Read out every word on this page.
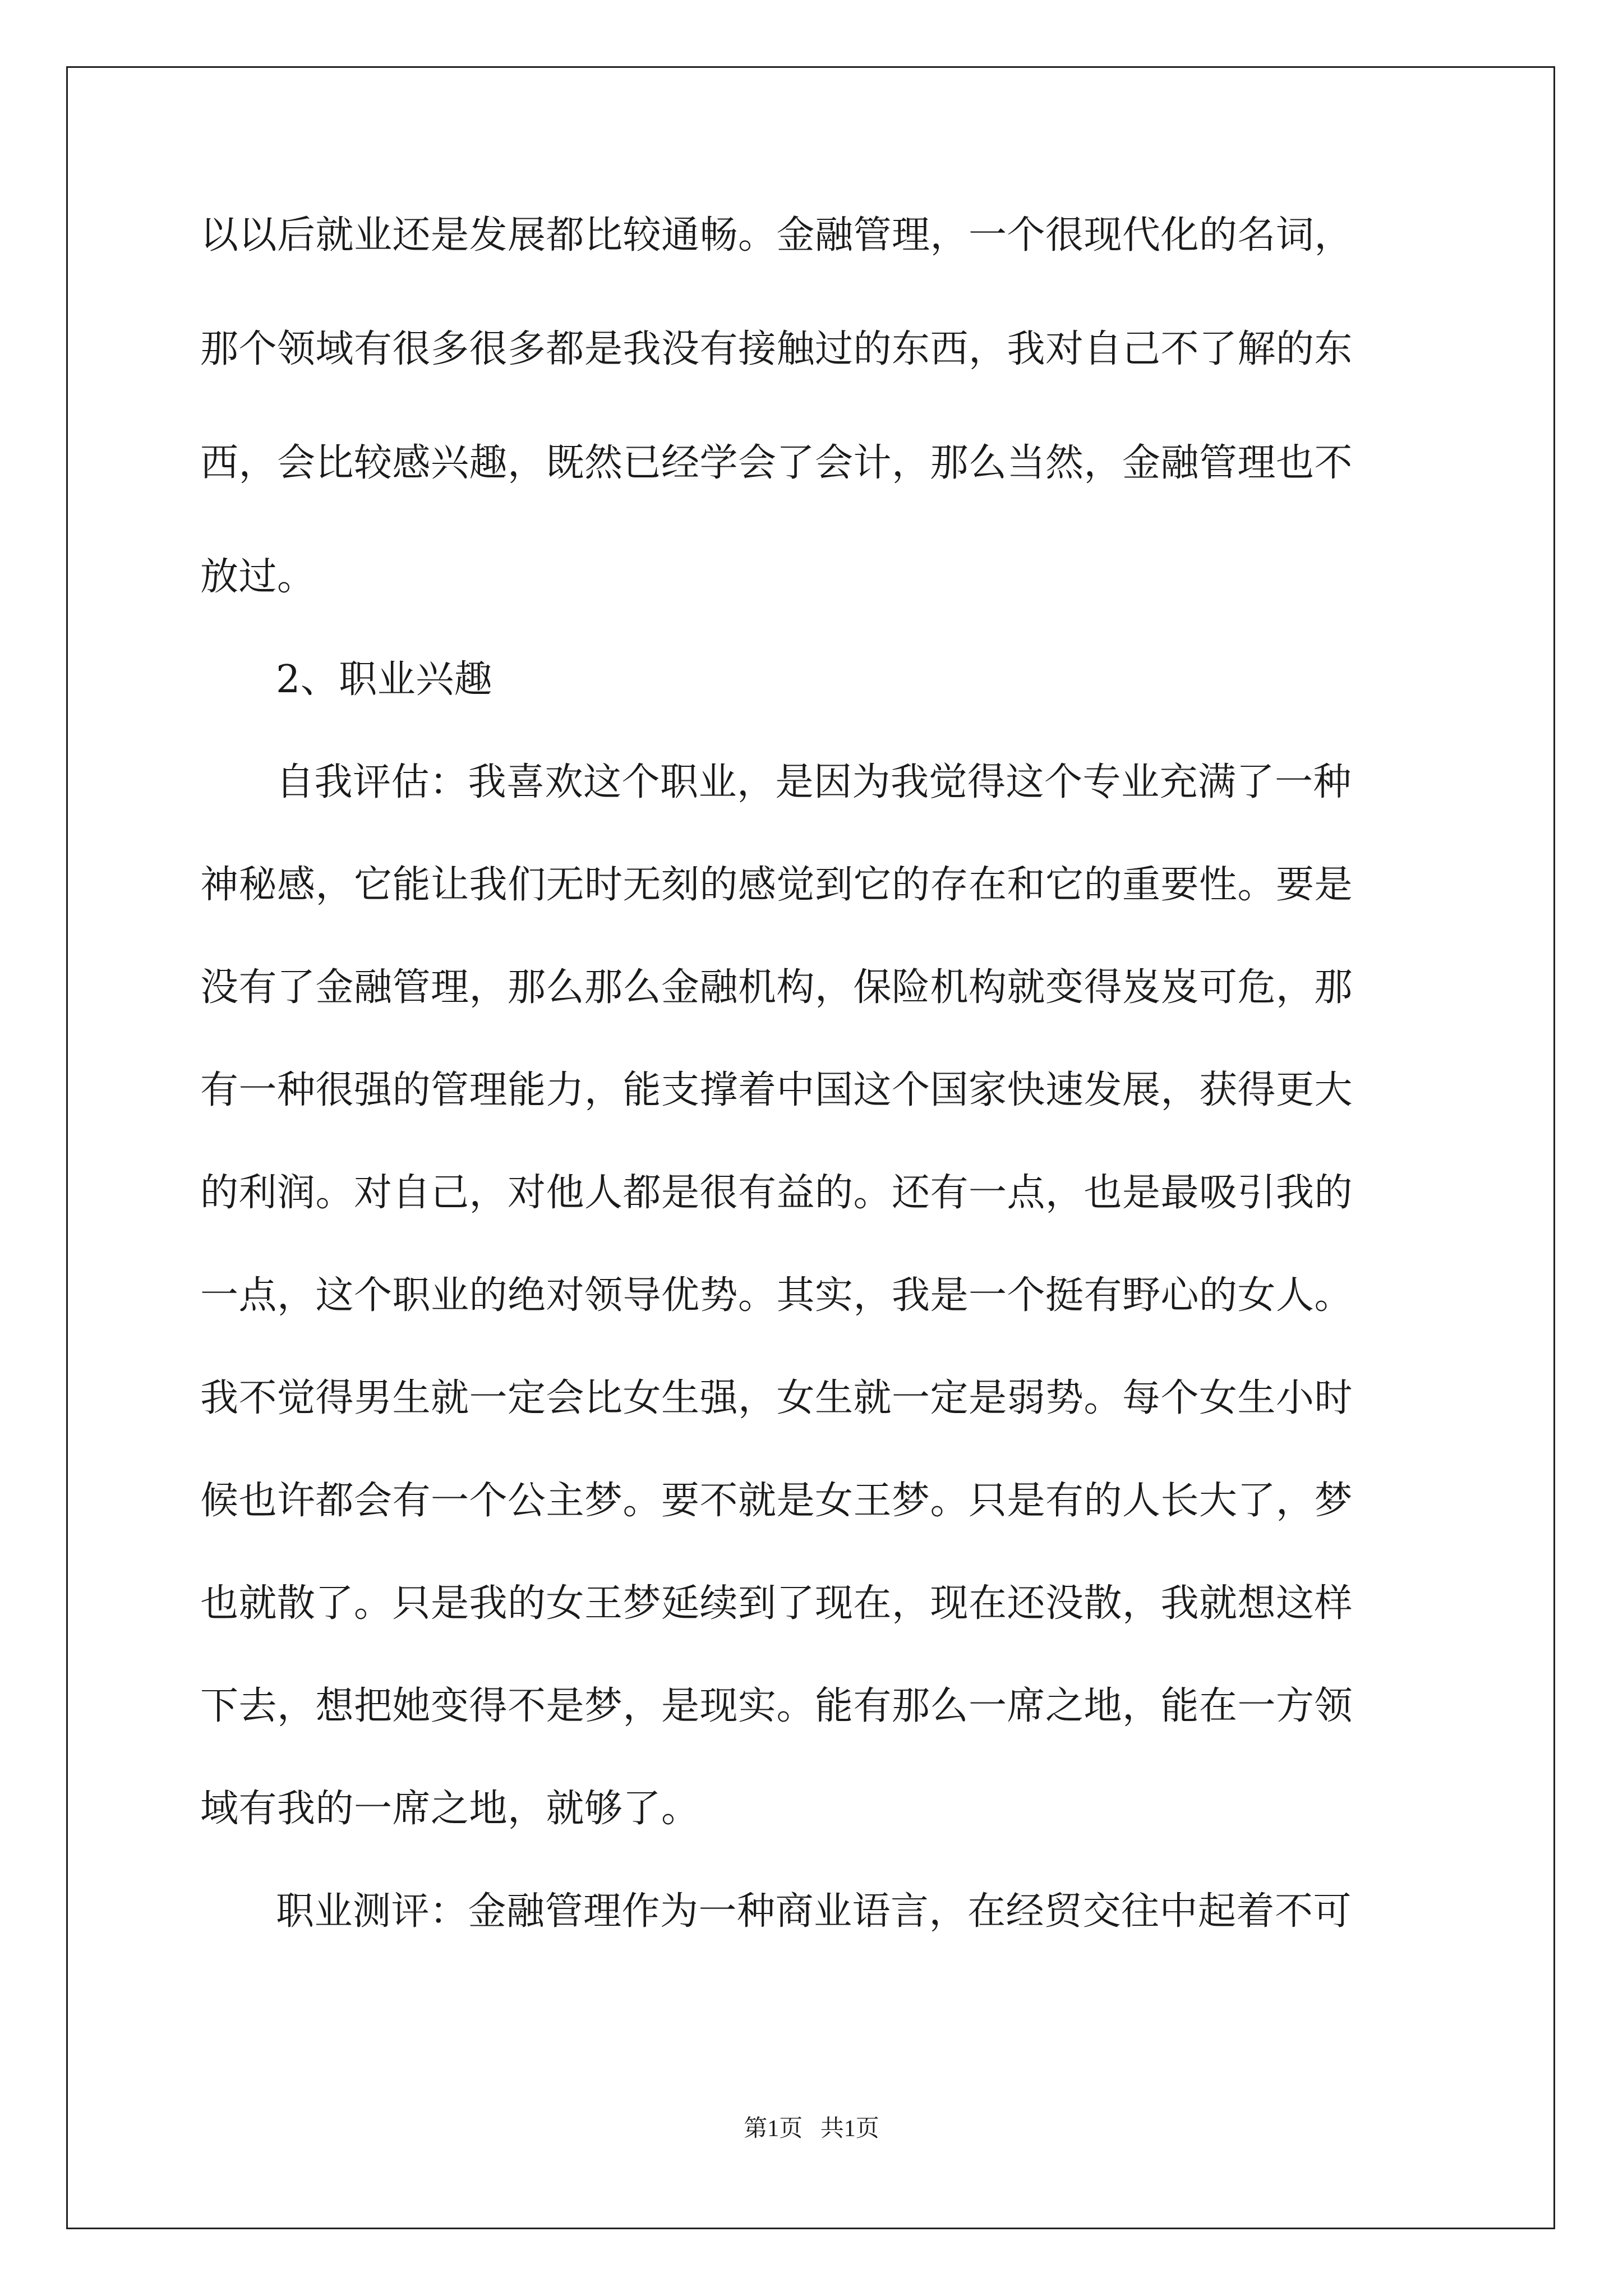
以以后就业还是发展都比较通畅。金融管理，一个很现代化的名词，
那个领域有很多很多都是我没有接触过的东西，我对自己不了解的东
西，会比较感兴趣，既然已经学会了会计，那么当然，金融管理也不
放过。
2、职业兴趣
自我评估：我喜欢这个职业，是因为我觉得这个专业充满了一种
神秘感，它能让我们无时无刻的感觉到它的存在和它的重要性。要是
没有了金融管理，那么那么金融机构，保险机构就变得岌岌可危，那
有一种很强的管理能力，能支撑着中国这个国家快速发展，获得更大
的利润。对自己，对他人都是很有益的。还有一点，也是最吸引我的
一点，这个职业的绝对领导优势。其实，我是一个挺有野心的女人。
我不觉得男生就一定会比女生强，女生就一定是弱势。每个女生小时
候也许都会有一个公主梦。要不就是女王梦。只是有的人长大了，梦
也就散了。只是我的女王梦延续到了现在，现在还没散，我就想这样
下去，想把她变得不是梦，是现实。能有那么一席之地，能在一方领
域有我的一席之地，就够了。
职业测评：金融管理作为一种商业语言，在经贸交往中起着不可
第1页   共1页
